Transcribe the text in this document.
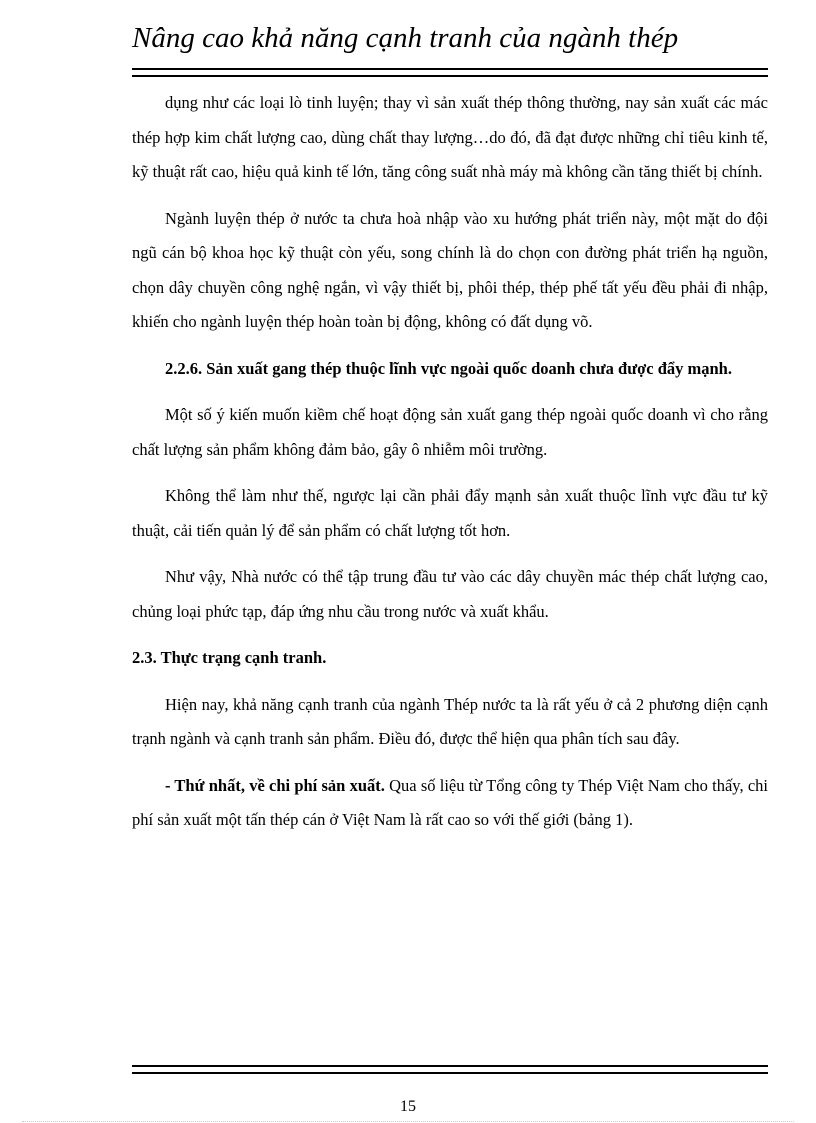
Nâng cao khả năng cạnh tranh của ngành thép

dụng như các loại lò tinh luyện; thay vì sản xuất thép thông thường, nay sản xuất các mác thép hợp kim chất lượng cao, dùng chất thay lượng…do đó, đã đạt được những chỉ tiêu kinh tế, kỹ thuật rất cao, hiệu quả kinh tế lớn, tăng công suất nhà máy mà không cần tăng thiết bị chính.

Ngành luyện thép ở nước ta chưa hoà nhập vào xu hướng phát triển này, một mặt do đội ngũ cán bộ khoa học kỹ thuật còn yếu, song chính là do chọn con đường phát triển hạ nguồn, chọn dây chuyền công nghệ ngắn, vì vậy thiết bị, phôi thép, thép phế tất yếu đều phải đi nhập, khiến cho ngành luyện thép hoàn toàn bị động, không có đất dụng võ.

2.2.6. Sản xuất gang thép thuộc lĩnh vực ngoài quốc doanh chưa được đẩy mạnh.

Một số ý kiến muốn kiềm chế hoạt động sản xuất gang thép ngoài quốc doanh vì cho rằng chất lượng sản phẩm không đảm bảo, gây ô nhiễm môi trường.

Không thể làm như thế, ngược lại cần phải đẩy mạnh sản xuất thuộc lĩnh vực đầu tư kỹ thuật, cải tiến quản lý để sản phẩm có chất lượng tốt hơn.

Như vậy, Nhà nước có thể tập trung đầu tư vào các dây chuyền mác thép chất lượng cao, chủng loại phức tạp, đáp ứng nhu cầu trong nước và xuất khẩu.

2.3. Thực trạng cạnh tranh.

Hiện nay, khả năng cạnh tranh của ngành Thép nước ta là rất yếu ở cả 2 phương diện cạnh trạnh ngành và cạnh tranh sản phẩm. Điều đó, được thể hiện qua phân tích sau đây.

- Thứ nhất, về chi phí sản xuất. Qua số liệu từ Tổng công ty Thép Việt Nam cho thấy, chi phí sản xuất một tấn thép cán ở Việt Nam là rất cao so với thế giới (bảng 1).

15
